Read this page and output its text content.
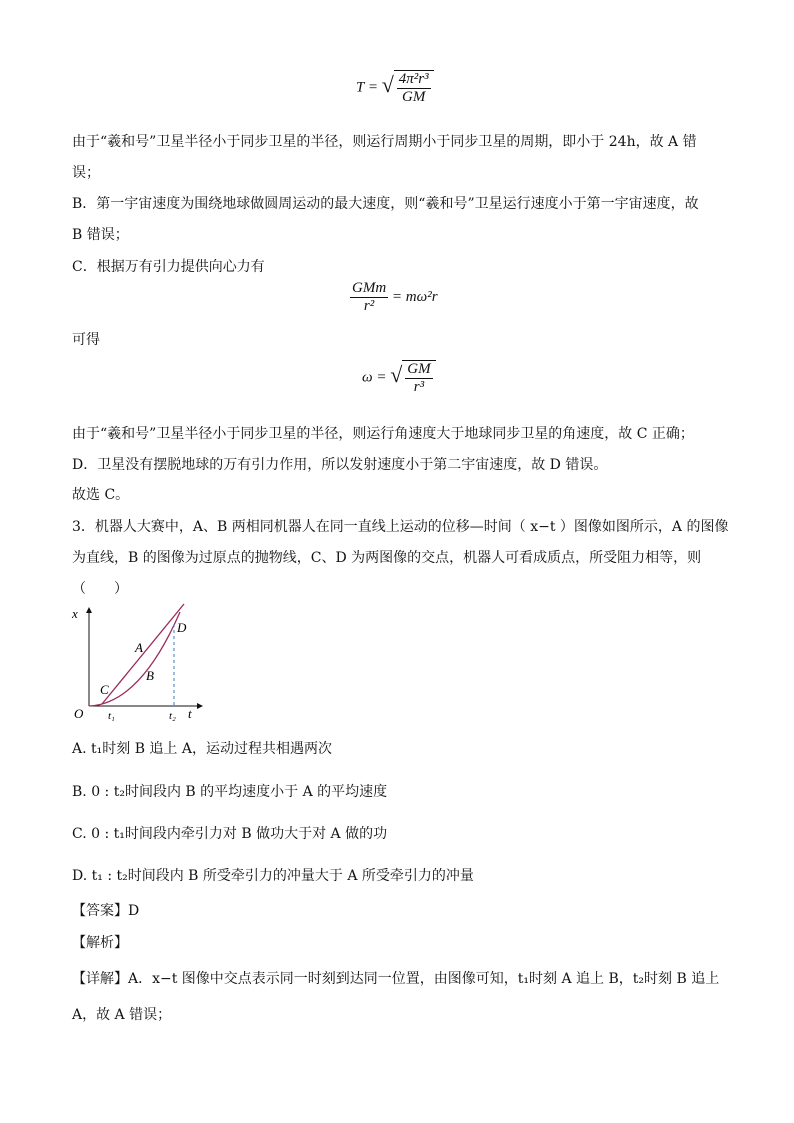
T = √ $\frac{\text{4π²r³}}{GM}$
由于“羲和号”卫星半径小于同步卫星的半径，则运行周期小于同步卫星的周期，即小于 24h，故 A 错
误；
B．第一宇宙速度为围绕地球做圆周运动的最大速度，则“羲和号”卫星运行速度小于第一宇宙速度，故
B 错误；
C．根据万有引力提供向心力有
$\frac{\text{GMm}}{\text{r²}} = m\omega^2r$
可得
ω = √ $\frac{GM}{\text{r³}}$
由于“羲和号”卫星半径小于同步卫星的半径，则运行角速度大于地球同步卫星的角速度，故 C 正确；
D．卫星没有摆脱地球的万有引力作用，所以发射速度小于第二宇宙速度，故 D 错误。
故选 C。
3．机器人大赛中，A、B 两相同机器人在同一直线上运动的位移—时间（ x−t ）图像如图所示，A 的图像
为直线，B 的图像为过原点的抛物线，C、D 为两图像的交点，机器人可看成质点，所受阻力相等，则
（　　）
x
O	t
A
B
C
D
t₁	t₂
A. t₁时刻 B 追上 A，运动过程共相遇两次
B. 0 : t₂时间段内 B 的平均速度小于 A 的平均速度
C. 0 : t₁时间段内牵引力对 B 做功大于对 A 做的功
D. t₁ : t₂时间段内 B 所受牵引力的冲量大于 A 所受牵引力的冲量
【答案】D
【解析】
【详解】A．x−t 图像中交点表示同一时刻到达同一位置，由图像可知，t₁时刻 A 追上 B，t₂时刻 B 追上
A，故 A 错误；
